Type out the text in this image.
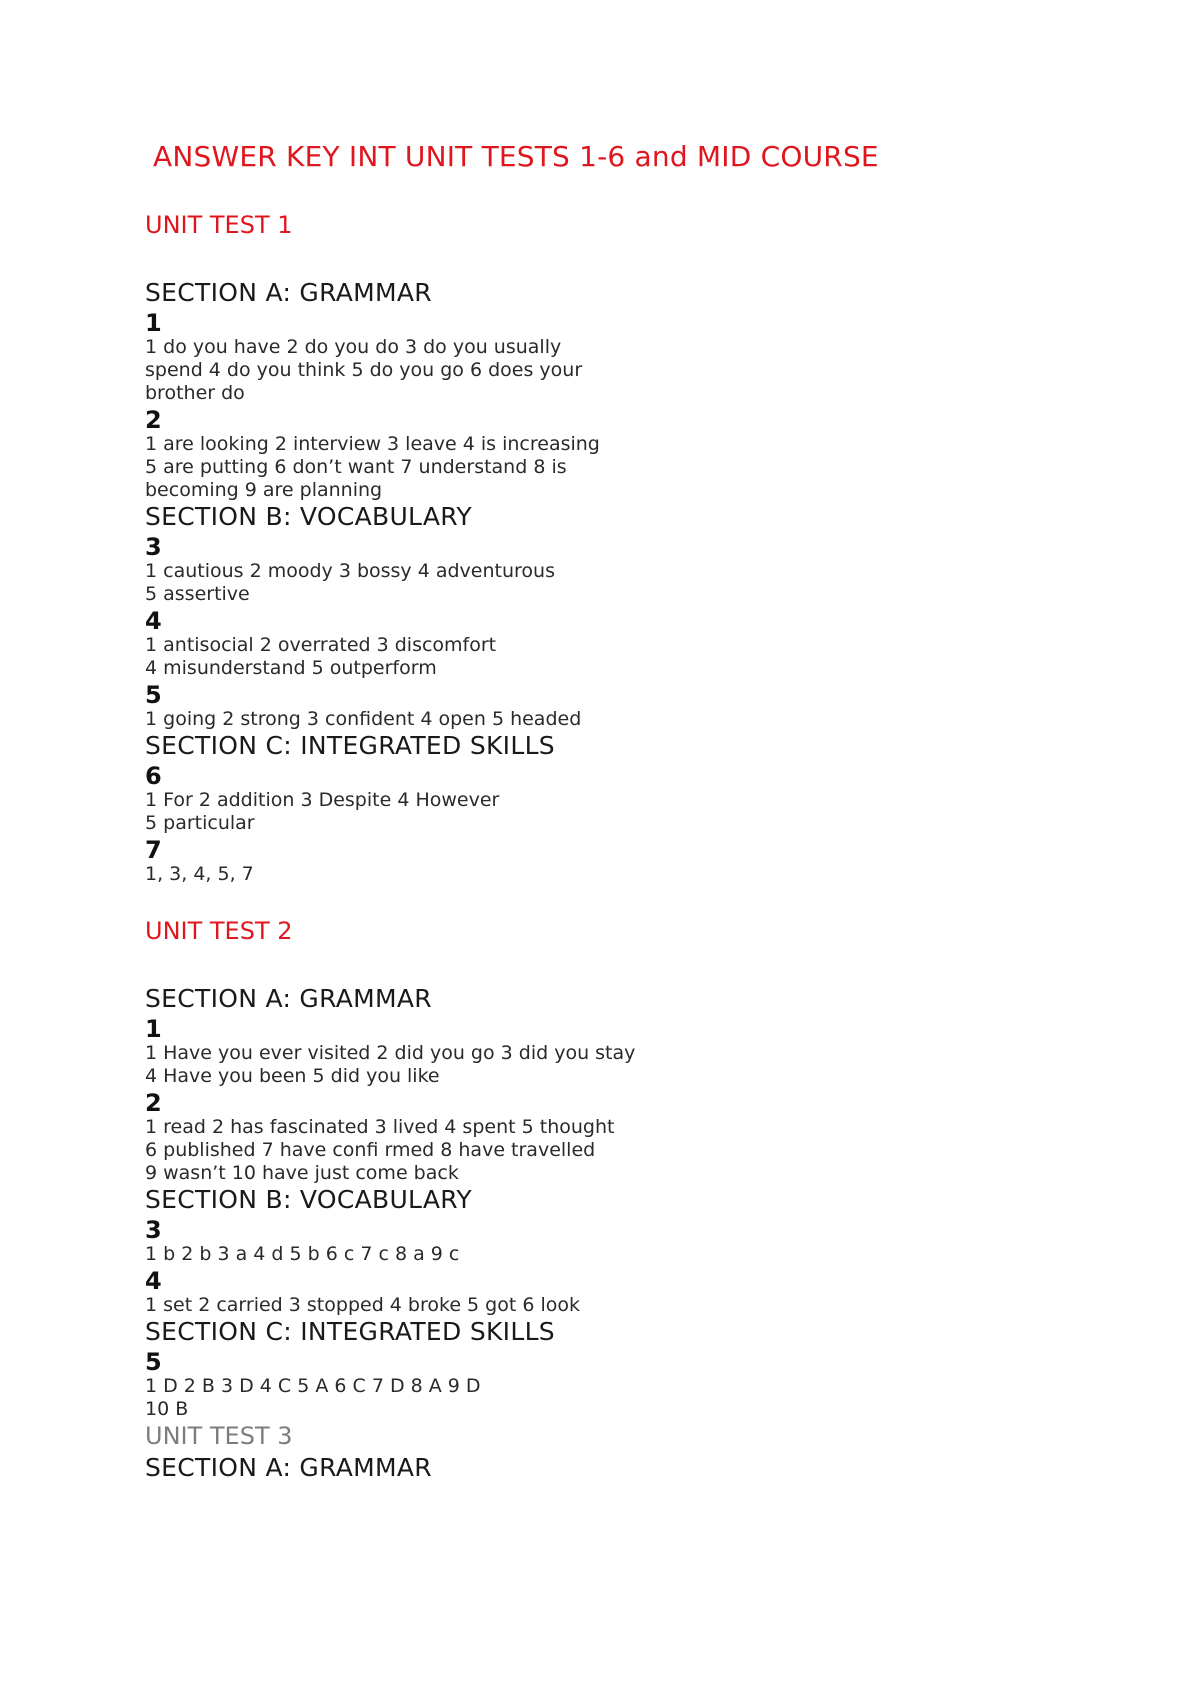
ANSWER KEY INT UNIT TESTS 1-6 and MID COURSE
UNIT TEST 1
SECTION A: GRAMMAR
1

1 do you have 2 do you do 3 do you usually
spend 4 do you think 5 do you go 6 does your
brother do

2

1 are looking 2 interview 3 leave 4 is increasing
5 are putting 6 don’t want 7 understand 8 is
becoming 9 are planning

SECTION B: VOCABULARY
3

1 cautious 2 moody 3 bossy 4 adventurous
5 assertive

4

1 antisocial 2 overrated 3 discomfort
4 misunderstand 5 outperform

5

1 going 2 strong 3 confident 4 open 5 headed

SECTION C: INTEGRATED SKILLS
6

1 For 2 addition 3 Despite 4 However
5 particular

7

1, 3, 4, 5, 7

UNIT TEST 2
SECTION A: GRAMMAR
1

1 Have you ever visited 2 did you go 3 did you stay
4 Have you been 5 did you like

2

1 read 2 has fascinated 3 lived 4 spent 5 thought
6 published 7 have confi rmed 8 have travelled
9 wasn’t 10 have just come back

SECTION B: VOCABULARY
3

1 b 2 b 3 a 4 d 5 b 6 c 7 c 8 a 9 c

4

1 set 2 carried 3 stopped 4 broke 5 got 6 look

SECTION C: INTEGRATED SKILLS
5

1 D 2 B 3 D 4 C 5 A 6 C 7 D 8 A 9 D
10 B

UNIT TEST 3
SECTION A: GRAMMAR
